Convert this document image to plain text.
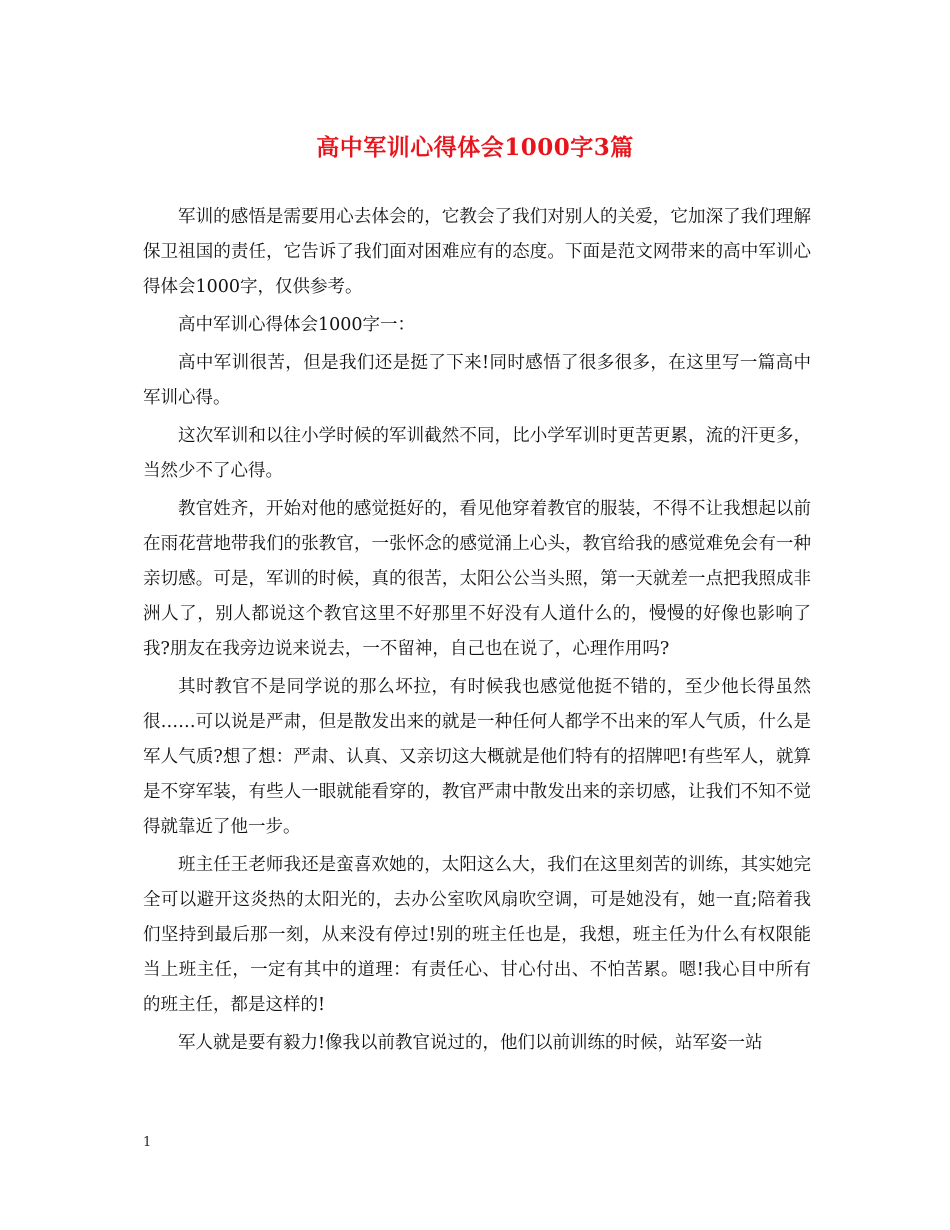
高中军训心得体会1000字3篇

军训的感悟是需要用心去体会的，它教会了我们对别人的关爱，它加深了我们理解保卫祖国的责任，它告诉了我们面对困难应有的态度。下面是范文网带来的高中军训心得体会1000字，仅供参考。

高中军训心得体会1000字一：

高中军训很苦，但是我们还是挺了下来!同时感悟了很多很多，在这里写一篇高中军训心得。

这次军训和以往小学时候的军训截然不同，比小学军训时更苦更累，流的汗更多，当然少不了心得。

教官姓齐，开始对他的感觉挺好的，看见他穿着教官的服装，不得不让我想起以前在雨花营地带我们的张教官，一张怀念的感觉涌上心头，教官给我的感觉难免会有一种亲切感。可是，军训的时候，真的很苦，太阳公公当头照，第一天就差一点把我照成非洲人了，别人都说这个教官这里不好那里不好没有人道什么的，慢慢的好像也影响了我?朋友在我旁边说来说去，一不留神，自己也在说了，心理作用吗?

其时教官不是同学说的那么坏拉，有时候我也感觉他挺不错的，至少他长得虽然很……可以说是严肃，但是散发出来的就是一种任何人都学不出来的军人气质，什么是军人气质?想了想：严肃、认真、又亲切这大概就是他们特有的招牌吧!有些军人，就算是不穿军装，有些人一眼就能看穿的，教官严肃中散发出来的亲切感，让我们不知不觉得就靠近了他一步。

班主任王老师我还是蛮喜欢她的，太阳这么大，我们在这里刻苦的训练，其实她完全可以避开这炎热的太阳光的，去办公室吹风扇吹空调，可是她没有，她一直;陪着我们坚持到最后那一刻，从来没有停过!别的班主任也是，我想，班主任为什么有权限能当上班主任，一定有其中的道理：有责任心、甘心付出、不怕苦累。嗯!我心目中所有的班主任，都是这样的!

军人就是要有毅力!像我以前教官说过的，他们以前训练的时候，站军姿一站

1
